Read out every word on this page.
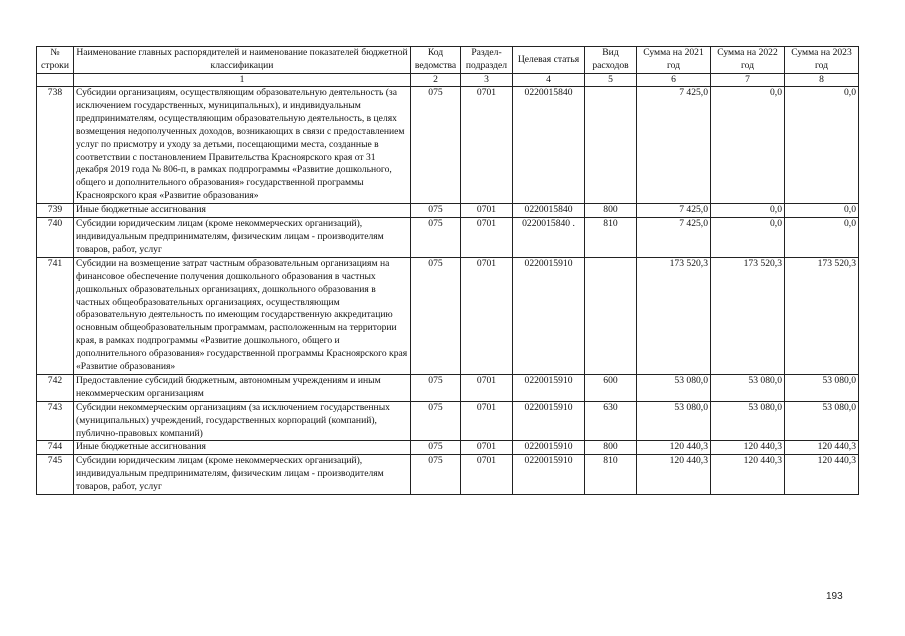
№ строки	Наименование главных распорядителей и наименование показателей бюджетной классификации	Код ведомства	Раздел-подраздел	Целевая статья	Вид расходов	Сумма на 2021 год	Сумма на 2022 год	Сумма на 2023 год
	1	2	3	4	5	6	7	8
738	Субсидии организациям, осуществляющим образовательную деятельность (за исключением государственных, муниципальных), и индивидуальным предпринимателям, осуществляющим образовательную деятельность, в целях возмещения недополученных доходов, возникающих в связи с предоставлением услуг по присмотру и уходу за детьми, посещающими места, созданные в соответствии с постановлением Правительства Красноярского края от 31 декабря 2019 года № 806-п, в рамках подпрограммы «Развитие дошкольного, общего и дополнительного образования» государственной программы Красноярского края «Развитие образования»	075	0701	0220015840		7 425,0	0,0	0,0
739	Иные бюджетные ассигнования	075	0701	0220015840	800	7 425,0	0,0	0,0
740	Субсидии юридическим лицам (кроме некоммерческих организаций), индивидуальным предпринимателям, физическим лицам - производителям товаров, работ, услуг	075	0701	0220015840 .	810	7 425,0	0,0	0,0
741	Субсидии на возмещение затрат частным образовательным организациям на финансовое обеспечение получения дошкольного образования в частных дошкольных образовательных организациях, дошкольного образования в частных общеобразовательных организациях, осуществляющим образовательную деятельность по имеющим государственную аккредитацию основным общеобразовательным программам, расположенным на территории края, в рамках подпрограммы «Развитие дошкольного, общего и дополнительного образования» государственной программы Красноярского края «Развитие образования»	075	0701	0220015910		173 520,3	173 520,3	173 520,3
742	Предоставление субсидий бюджетным, автономным учреждениям и иным некоммерческим организациям	075	0701	0220015910	600	53 080,0	53 080,0	53 080,0
743	Субсидии некоммерческим организациям (за исключением государственных (муниципальных) учреждений, государственных корпораций (компаний), публично-правовых компаний)	075	0701	0220015910	630	53 080,0	53 080,0	53 080,0
744	Иные бюджетные ассигнования	075	0701	0220015910	800	120 440,3	120 440,3	120 440,3
745	Субсидии юридическим лицам (кроме некоммерческих организаций), индивидуальным предпринимателям, физическим лицам - производителям товаров, работ, услуг	075	0701	0220015910	810	120 440,3	120 440,3	120 440,3
193
